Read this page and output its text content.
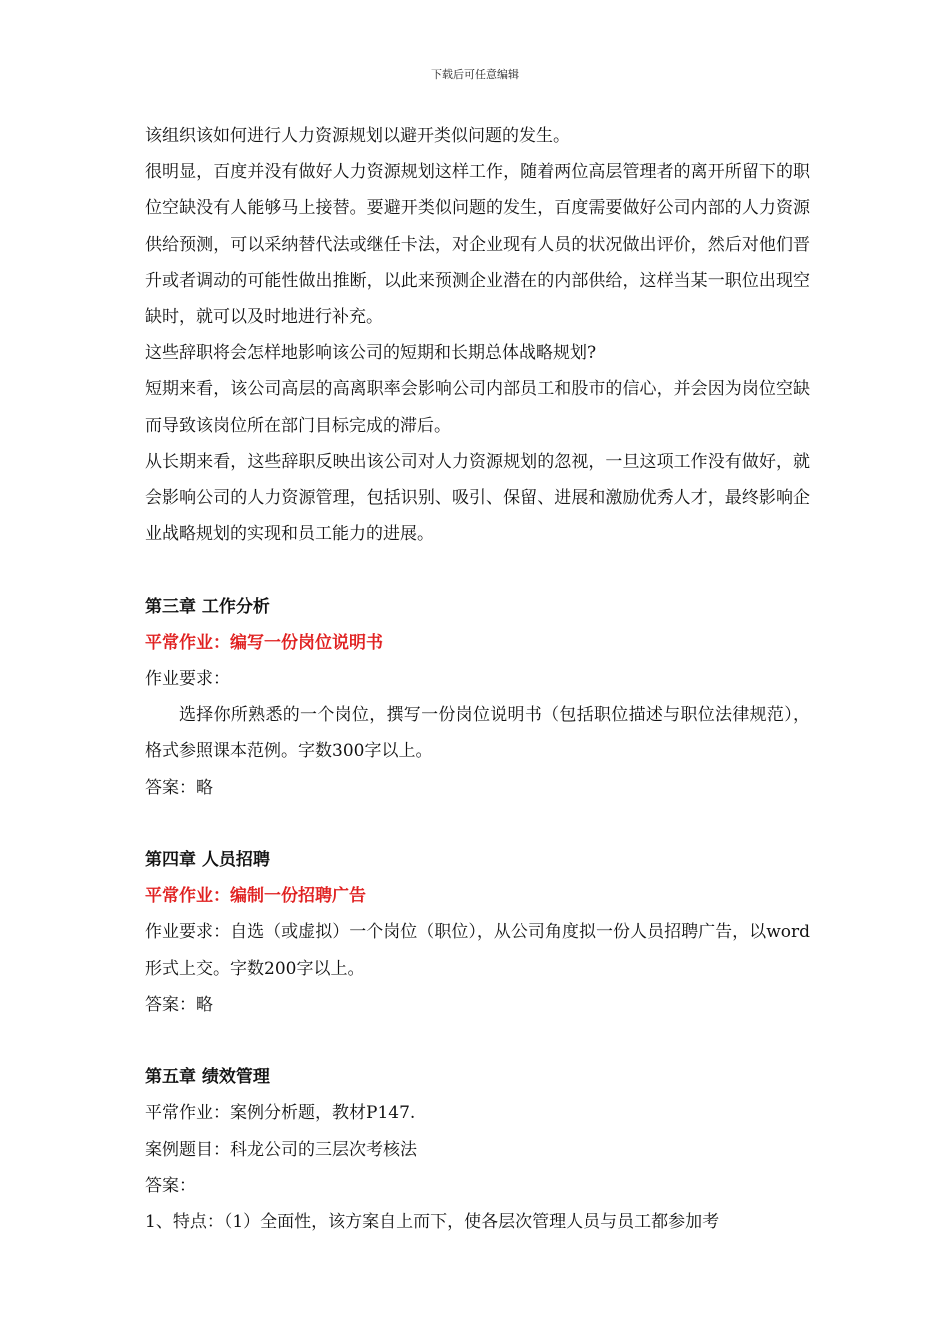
下载后可任意编辑

该组织该如何进行人力资源规划以避开类似问题的发生。

很明显，百度并没有做好人力资源规划这样工作，随着两位高层管理者的离开所留下的职位空缺没有人能够马上接替。要避开类似问题的发生，百度需要做好公司内部的人力资源供给预测，可以采纳替代法或继任卡法，对企业现有人员的状况做出评价，然后对他们晋升或者调动的可能性做出推断，以此来预测企业潜在的内部供给，这样当某一职位出现空缺时，就可以及时地进行补充。

这些辞职将会怎样地影响该公司的短期和长期总体战略规划?

短期来看，该公司高层的高离职率会影响公司内部员工和股市的信心，并会因为岗位空缺而导致该岗位所在部门目标完成的滞后。

从长期来看，这些辞职反映出该公司对人力资源规划的忽视，一旦这项工作没有做好，就会影响公司的人力资源管理，包括识别、吸引、保留、进展和激励优秀人才，最终影响企业战略规划的实现和员工能力的进展。

第三章 工作分析

平常作业：编写一份岗位说明书

作业要求：

选择你所熟悉的一个岗位，撰写一份岗位说明书（包括职位描述与职位法律规范），格式参照课本范例。字数300字以上。

答案：略

第四章 人员招聘

平常作业：编制一份招聘广告

作业要求：自选（或虚拟）一个岗位（职位），从公司角度拟一份人员招聘广告，以word形式上交。字数200字以上。

答案：略

第五章 绩效管理

平常作业：案例分析题，教材P147.

案例题目：科龙公司的三层次考核法

答案：

1、特点：（1）全面性，该方案自上而下，使各层次管理人员与员工都参加考
